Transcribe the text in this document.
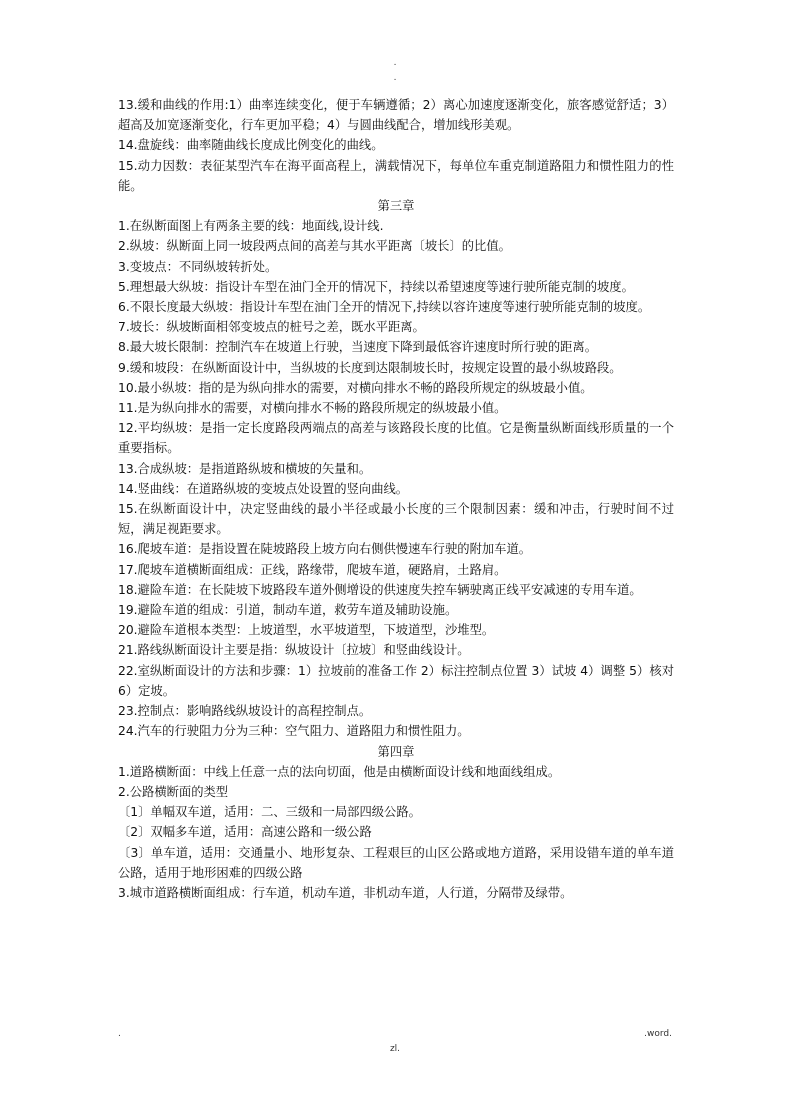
.
.

13.缓和曲线的作用:1）曲率连续变化，便于车辆遵循；2）离心加速度逐渐变化，旅客感觉舒适；3）超高及加宽逐渐变化，行车更加平稳；4）与圆曲线配合，增加线形美观。

14.盘旋线：曲率随曲线长度成比例变化的曲线。

15.动力因数：表征某型汽车在海平面高程上，满载情况下，每单位车重克制道路阻力和惯性阻力的性能。

第三章

1.在纵断面图上有两条主要的线：地面线,设计线.

2.纵坡：纵断面上同一坡段两点间的高差与其水平距离〔坡长〕的比值。

3.变坡点：不同纵坡转折处。

5.理想最大纵坡：指设计车型在油门全开的情况下，持续以希望速度等速行驶所能克制的坡度。

6.不限长度最大纵坡：指设计车型在油门全开的情况下,持续以容许速度等速行驶所能克制的坡度。

7.坡长：纵坡断面相邻变坡点的桩号之差，既水平距离。

8.最大坡长限制：控制汽车在坡道上行驶，当速度下降到最低容许速度时所行驶的距离。

9.缓和坡段：在纵断面设计中，当纵坡的长度到达限制坡长时，按规定设置的最小纵坡路段。

10.最小纵坡：指的是为纵向排水的需要，对横向排水不畅的路段所规定的纵坡最小值。

11.是为纵向排水的需要，对横向排水不畅的路段所规定的纵坡最小值。

12.平均纵坡：是指一定长度路段两端点的高差与该路段长度的比值。它是衡量纵断面线形质量的一个重要指标。

13.合成纵坡：是指道路纵坡和横坡的矢量和。

14.竖曲线：在道路纵坡的变坡点处设置的竖向曲线。

15.在纵断面设计中，决定竖曲线的最小半径或最小长度的三个限制因素：缓和冲击，行驶时间不过短，满足视距要求。

16.爬坡车道：是指设置在陡坡路段上坡方向右侧供慢速车行驶的附加车道。

17.爬坡车道横断面组成：正线，路缘带，爬坡车道，硬路肩，土路肩。

18.避险车道：在长陡坡下坡路段车道外侧增设的供速度失控车辆驶离正线平安减速的专用车道。

19.避险车道的组成：引道，制动车道，救劳车道及辅助设施。

20.避险车道根本类型：上坡道型，水平坡道型，下坡道型，沙堆型。

21.路线纵断面设计主要是指：纵坡设计〔拉坡〕和竖曲线设计。

22.室纵断面设计的方法和步骤：1）拉坡前的准备工作 2）标注控制点位置 3）试坡 4）调整 5）核对 6）定坡。

23.控制点：影响路线纵坡设计的高程控制点。

24.汽车的行驶阻力分为三种：空气阻力、道路阻力和惯性阻力。

第四章

1.道路横断面：中线上任意一点的法向切面，他是由横断面设计线和地面线组成。

2.公路横断面的类型

〔1〕单幅双车道，适用：二、三级和一局部四级公路。

〔2〕双幅多车道，适用：高速公路和一级公路

〔3〕单车道，适用：交通量小、地形复杂、工程艰巨的山区公路或地方道路，采用设错车道的单车道公路，适用于地形困难的四级公路

3.城市道路横断面组成：行车道，机动车道，非机动车道，人行道，分隔带及绿带。

.	.word.
zl.
